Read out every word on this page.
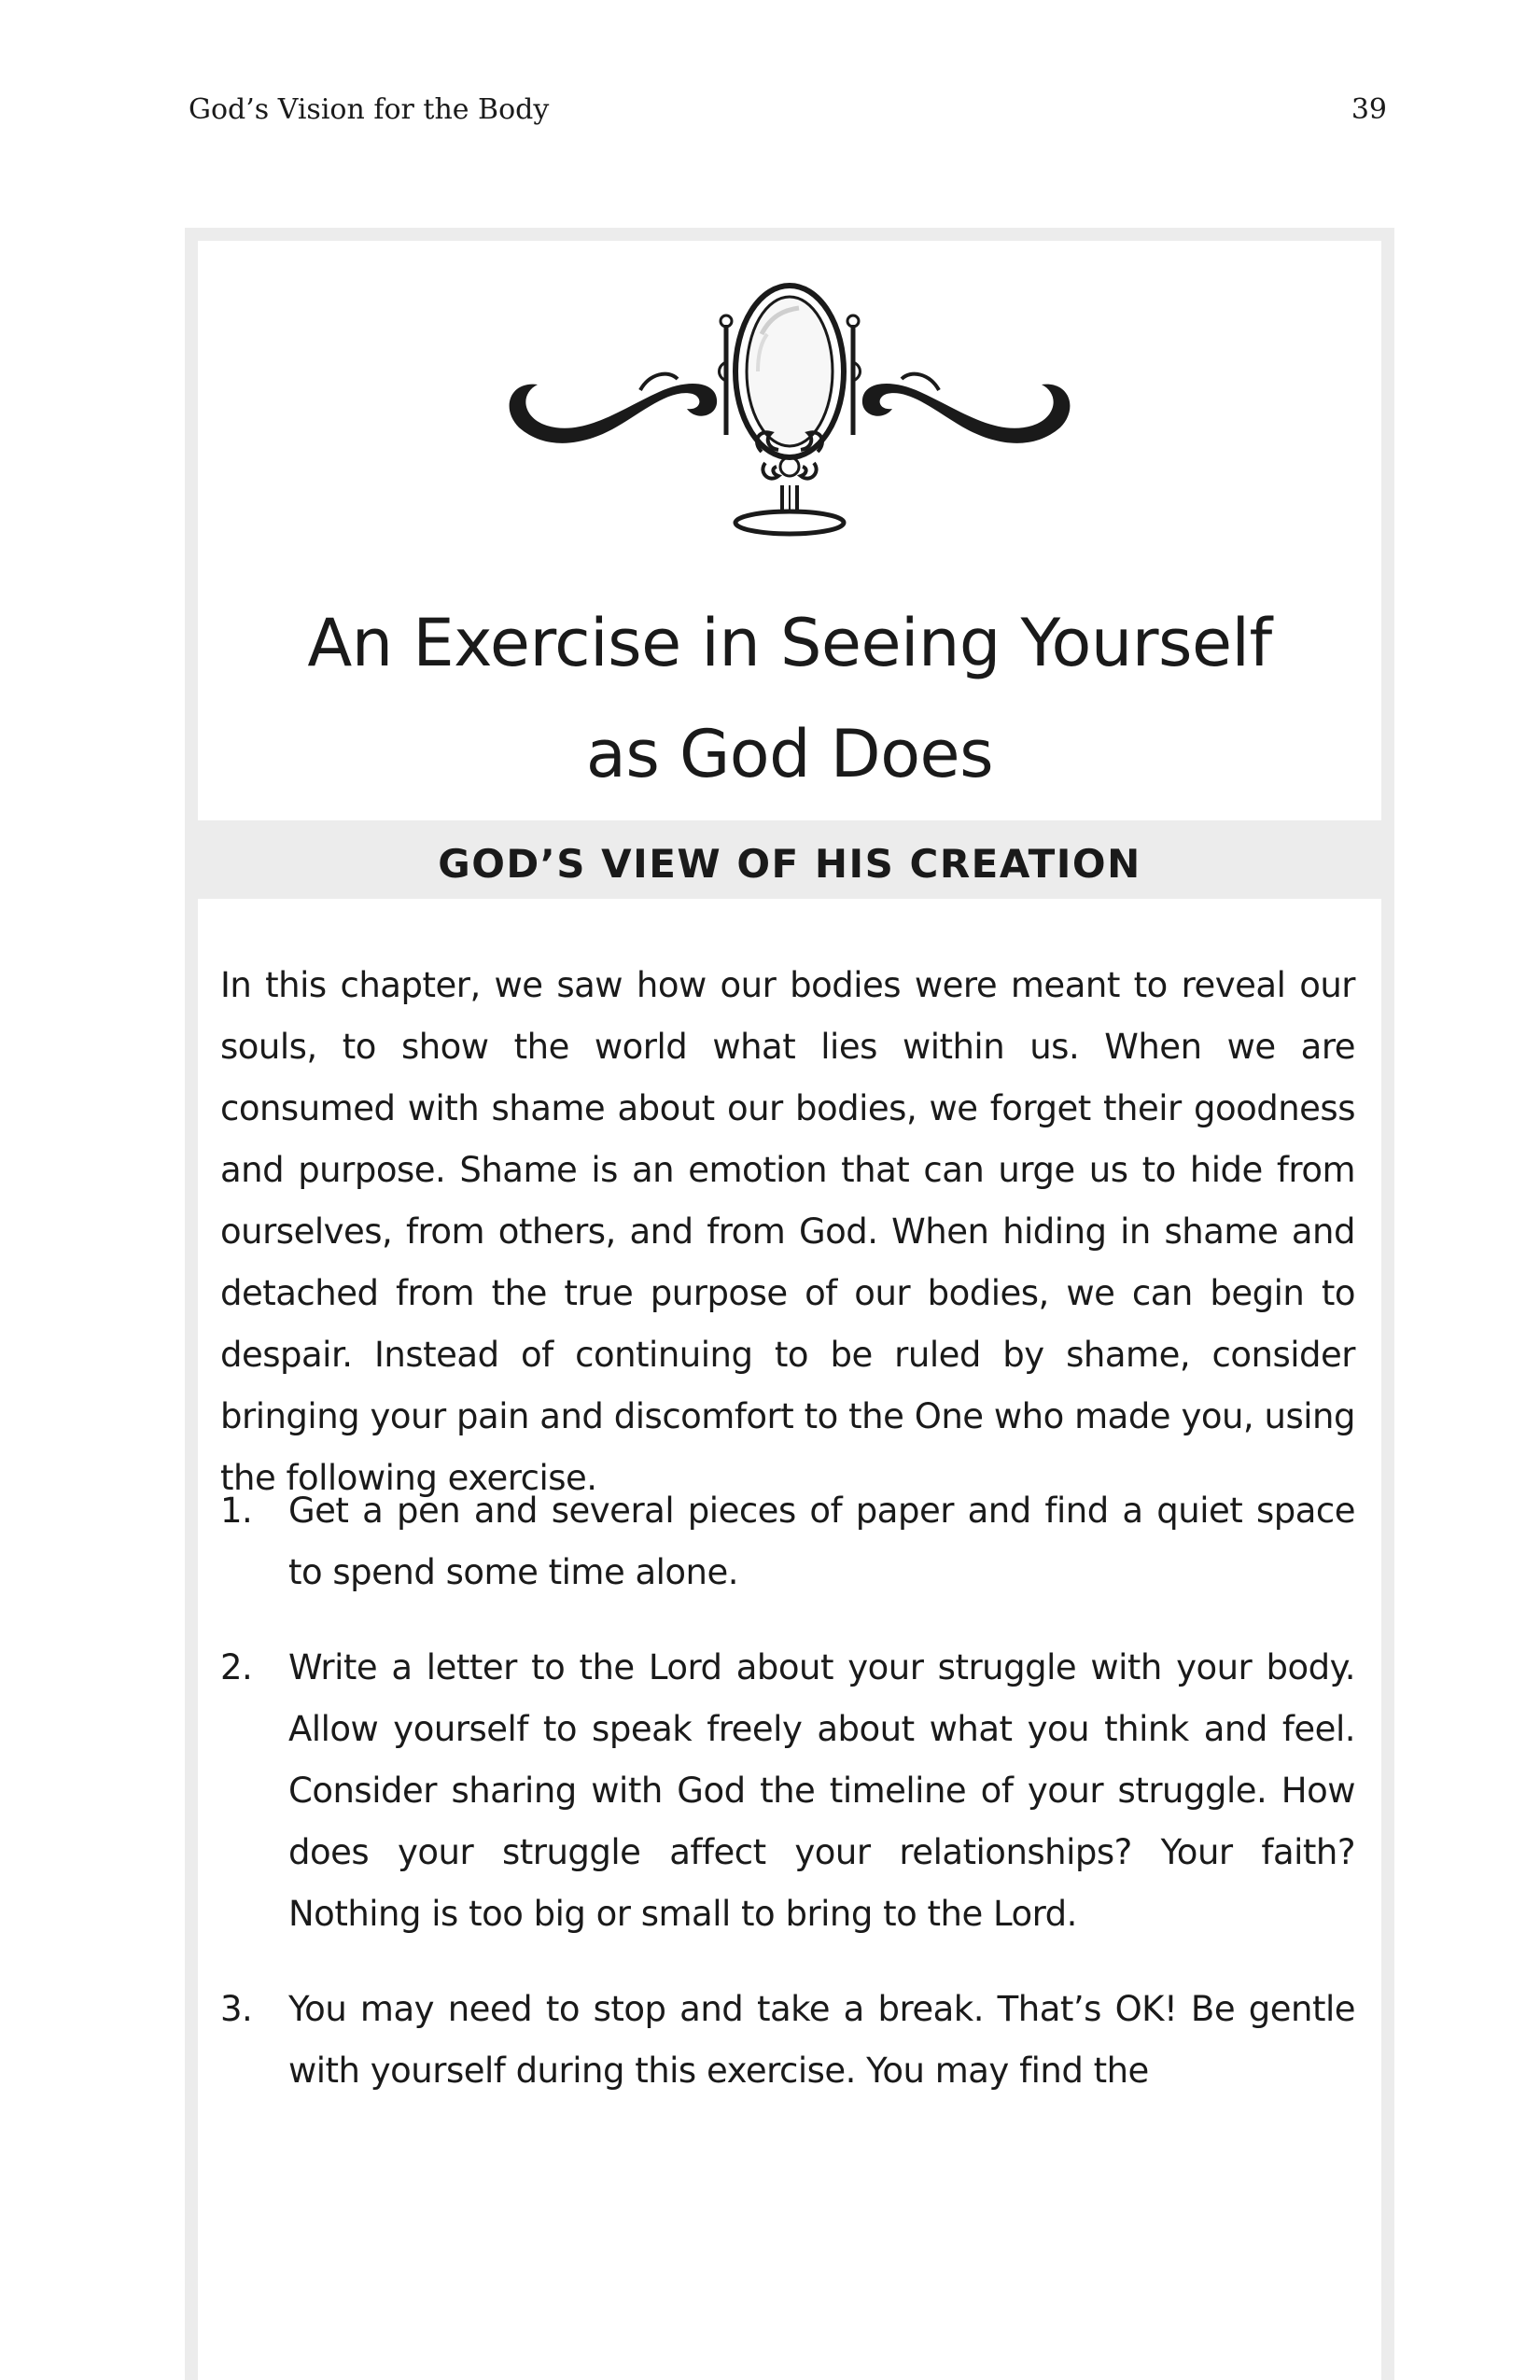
God’s Vision for the Body	39
An Exercise in Seeing Yourself
as God Does
GOD’S VIEW OF HIS CREATION

In this chapter, we saw how our bodies were meant to reveal our souls, to show the world what lies within us. When we are consumed with shame about our bodies, we forget their goodness and purpose. Shame is an emotion that can urge us to hide from ourselves, from others, and from God. When hiding in shame and detached from the true purpose of our bodies, we can begin to despair. Instead of continuing to be ruled by shame, consider bringing your pain and discomfort to the One who made you, using the following exercise.

1. Get a pen and several pieces of paper and find a quiet space to spend some time alone.
2. Write a letter to the Lord about your struggle with your body. Allow yourself to speak freely about what you think and feel. Consider sharing with God the timeline of your struggle. How does your struggle affect your relationships? Your faith? Nothing is too big or small to bring to the Lord.
3. You may need to stop and take a break. That’s OK! Be gentle with yourself during this exercise. You may find the
